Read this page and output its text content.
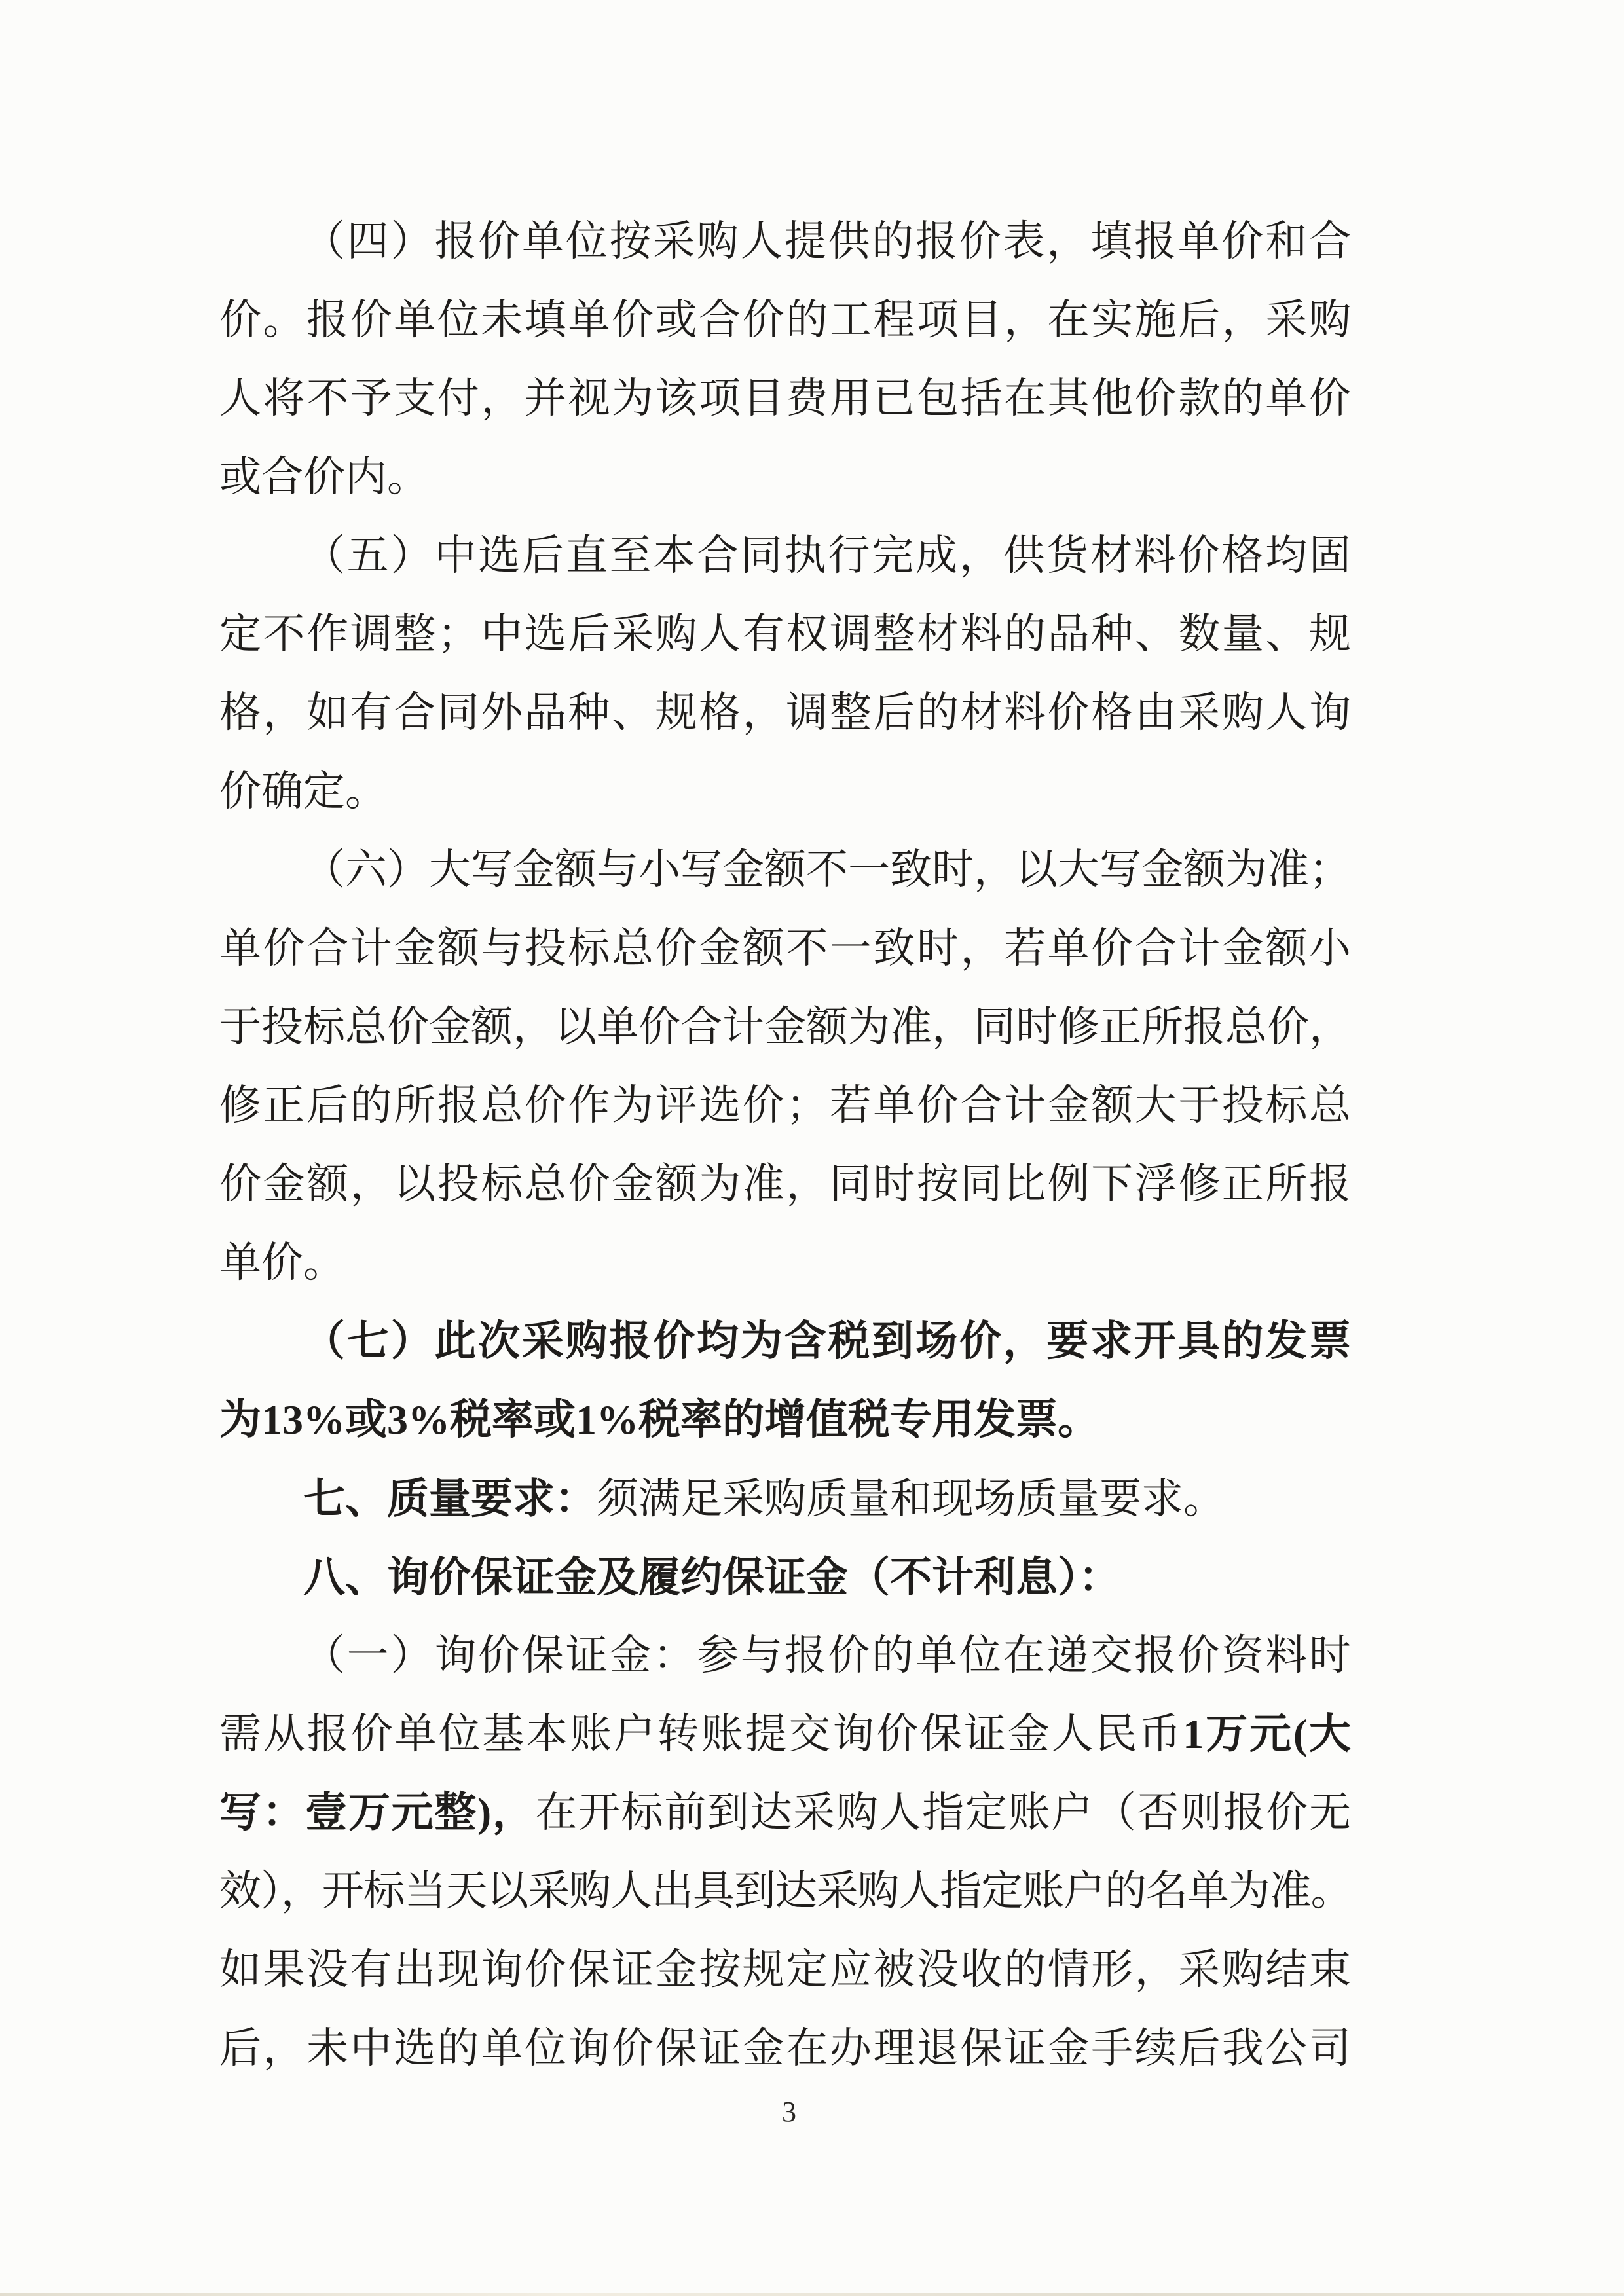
（四）报价单位按采购人提供的报价表，填报单价和合
价。报价单位未填单价或合价的工程项目，在实施后，采购
人将不予支付，并视为该项目费用已包括在其他价款的单价
或合价内。
（五）中选后直至本合同执行完成，供货材料价格均固
定不作调整；中选后采购人有权调整材料的品种、数量、规
格，如有合同外品种、规格，调整后的材料价格由采购人询
价确定。
（六）大写金额与小写金额不一致时，以大写金额为准；
单价合计金额与投标总价金额不一致时，若单价合计金额小
于投标总价金额，以单价合计金额为准，同时修正所报总价，
修正后的所报总价作为评选价；若单价合计金额大于投标总
价金额，以投标总价金额为准，同时按同比例下浮修正所报
单价。
（七）此次采购报价均为含税到场价，要求开具的发票
为13%或3%税率或1%税率的增值税专用发票。
七、质量要求：须满足采购质量和现场质量要求。
八、询价保证金及履约保证金（不计利息）：
（一）询价保证金：参与报价的单位在递交报价资料时
需从报价单位基本账户转账提交询价保证金人民币1万元(大
写：壹万元整)，在开标前到达采购人指定账户（否则报价无
效），开标当天以采购人出具到达采购人指定账户的名单为准。
如果没有出现询价保证金按规定应被没收的情形，采购结束
后，未中选的单位询价保证金在办理退保证金手续后我公司
3
